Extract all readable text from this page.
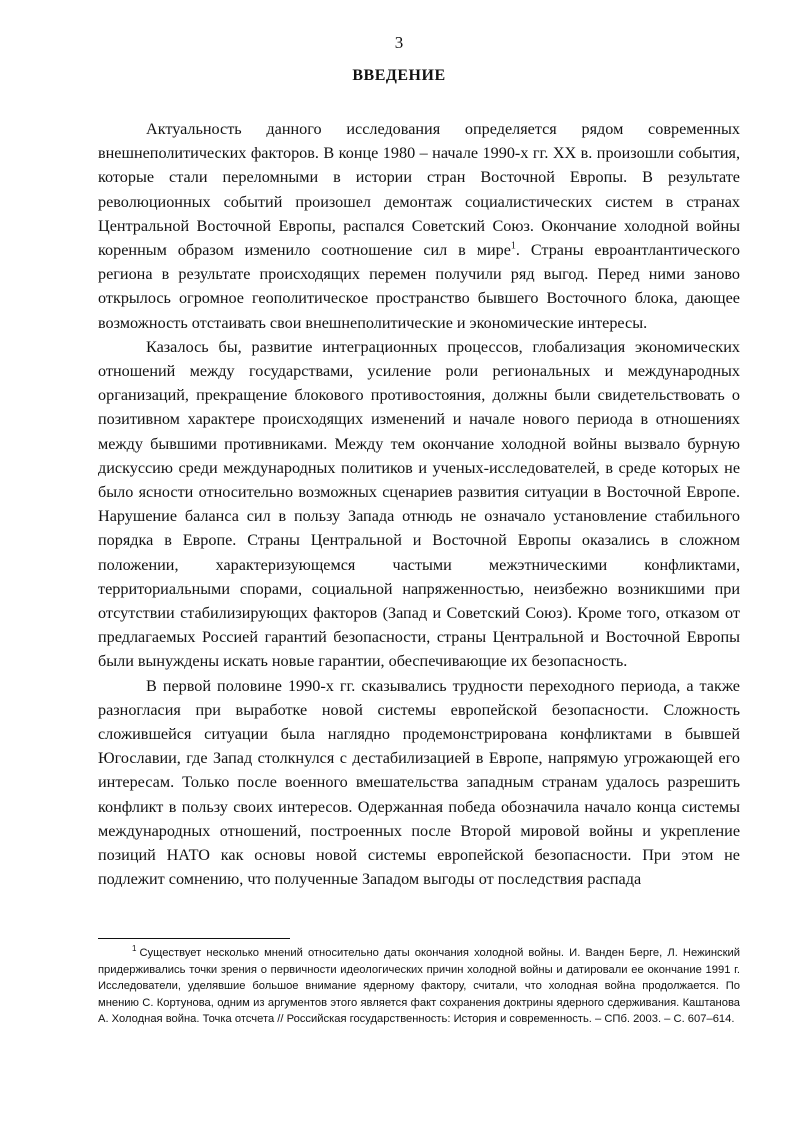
3
ВВЕДЕНИЕ

Актуальность данного исследования определяется рядом современных внешнеполитических факторов. В конце 1980 – начале 1990-х гг. XX в. произошли события, которые стали переломными в истории стран Восточной Европы. В результате революционных событий произошел демонтаж социалистических систем в странах Центральной Восточной Европы, распался Советский Союз. Окончание холодной войны коренным образом изменило соотношение сил в мире$^1$. Страны евроантлантического региона в результате происходящих перемен получили ряд выгод. Перед ними заново открылось огромное геополитическое пространство бывшего Восточного блока, дающее возможность отстаивать свои внешнеполитические и экономические интересы.

Казалось бы, развитие интеграционных процессов, глобализация экономических отношений между государствами, усиление роли региональных и международных организаций, прекращение блокового противостояния, должны были свидетельствовать о позитивном характере происходящих изменений и начале нового периода в отношениях между бывшими противниками. Между тем окончание холодной войны вызвало бурную дискуссию среди международных политиков и ученых-исследователей, в среде которых не было ясности относительно возможных сценариев развития ситуации в Восточной Европе. Нарушение баланса сил в пользу Запада отнюдь не означало установление стабильного порядка в Европе. Страны Центральной и Восточной Европы оказались в сложном положении, характеризующемся частыми межэтническими конфликтами, территориальными спорами, социальной напряженностью, неизбежно возникшими при отсутствии стабилизирующих факторов (Запад и Советский Союз). Кроме того, отказом от предлагаемых Россией гарантий безопасности, страны Центральной и Восточной Европы были вынуждены искать новые гарантии, обеспечивающие их безопасность.

В первой половине 1990-х гг. сказывались трудности переходного периода, а также разногласия при выработке новой системы европейской безопасности. Сложность сложившейся ситуации была наглядно продемонстрирована конфликтами в бывшей Югославии, где Запад столкнулся с дестабилизацией в Европе, напрямую угрожающей его интересам. Только после военного вмешательства западным странам удалось разрешить конфликт в пользу своих интересов. Одержанная победа обозначила начало конца системы международных отношений, построенных после Второй мировой войны и укрепление позиций НАТО как основы новой системы европейской безопасности. При этом не подлежит сомнению, что полученные Западом выгоды от последствия распада

$^1$ Существует несколько мнений относительно даты окончания холодной войны. И. Ванден Берге, Л. Нежинский придерживались точки зрения о первичности идеологических причин холодной войны и датировали ее окончание 1991 г. Исследователи, уделявшие большое внимание ядерному фактору, считали, что холодная война продолжается. По мнению С. Кортунова, одним из аргументов этого является факт сохранения доктрины ядерного сдерживания. Каштанова А. Холодная война. Точка отсчета // Российская государственность: История и современность. – СПб. 2003. – С. 607–614.
